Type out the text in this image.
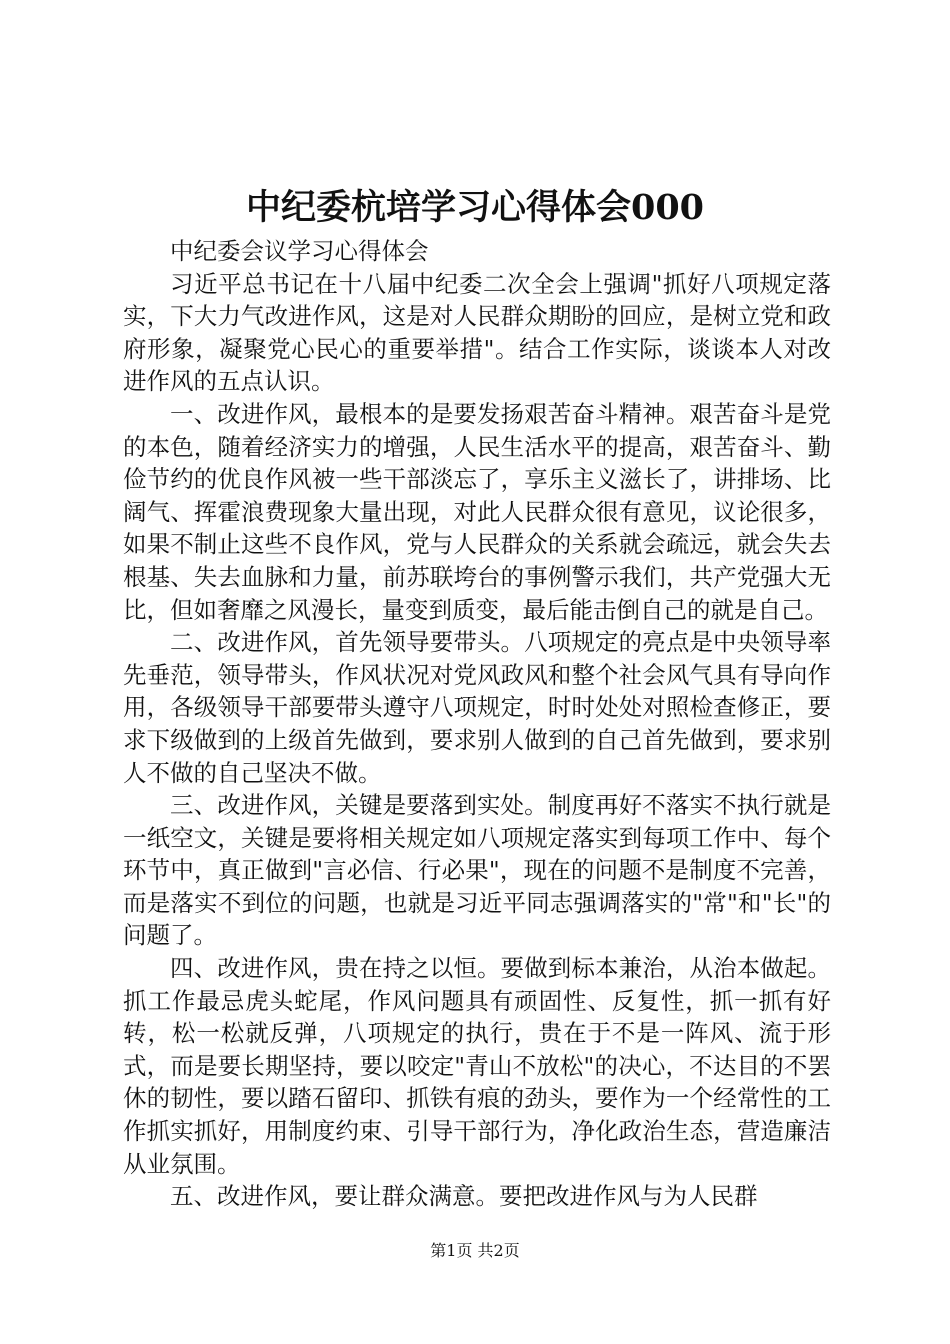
中纪委杭培学习心得体会000

中纪委会议学习心得体会

习近平总书记在十八届中纪委二次全会上强调"抓好八项规定落实，下大力气改进作风，这是对人民群众期盼的回应，是树立党和政府形象，凝聚党心民心的重要举措"。结合工作实际，谈谈本人对改进作风的五点认识。

一、改进作风，最根本的是要发扬艰苦奋斗精神。艰苦奋斗是党的本色，随着经济实力的增强，人民生活水平的提高，艰苦奋斗、勤俭节约的优良作风被一些干部淡忘了，享乐主义滋长了，讲排场、比阔气、挥霍浪费现象大量出现，对此人民群众很有意见，议论很多，如果不制止这些不良作风，党与人民群众的关系就会疏远，就会失去根基、失去血脉和力量，前苏联垮台的事例警示我们，共产党强大无比，但如奢靡之风漫长，量变到质变，最后能击倒自己的就是自己。

二、改进作风，首先领导要带头。八项规定的亮点是中央领导率先垂范，领导带头，作风状况对党风政风和整个社会风气具有导向作用，各级领导干部要带头遵守八项规定，时时处处对照检查修正，要求下级做到的上级首先做到，要求别人做到的自己首先做到，要求别人不做的自己坚决不做。

三、改进作风，关键是要落到实处。制度再好不落实不执行就是一纸空文，关键是要将相关规定如八项规定落实到每项工作中、每个环节中，真正做到"言必信、行必果"，现在的问题不是制度不完善，而是落实不到位的问题，也就是习近平同志强调落实的"常"和"长"的问题了。

四、改进作风，贵在持之以恒。要做到标本兼治，从治本做起。抓工作最忌虎头蛇尾，作风问题具有顽固性、反复性，抓一抓有好转，松一松就反弹，八项规定的执行，贵在于不是一阵风、流于形式，而是要长期坚持，要以咬定"青山不放松"的决心，不达目的不罢休的韧性，要以踏石留印、抓铁有痕的劲头，要作为一个经常性的工作抓实抓好，用制度约束、引导干部行为，净化政治生态，营造廉洁从业氛围。

五、改进作风，要让群众满意。要把改进作风与为人民群

第1页 共2页
